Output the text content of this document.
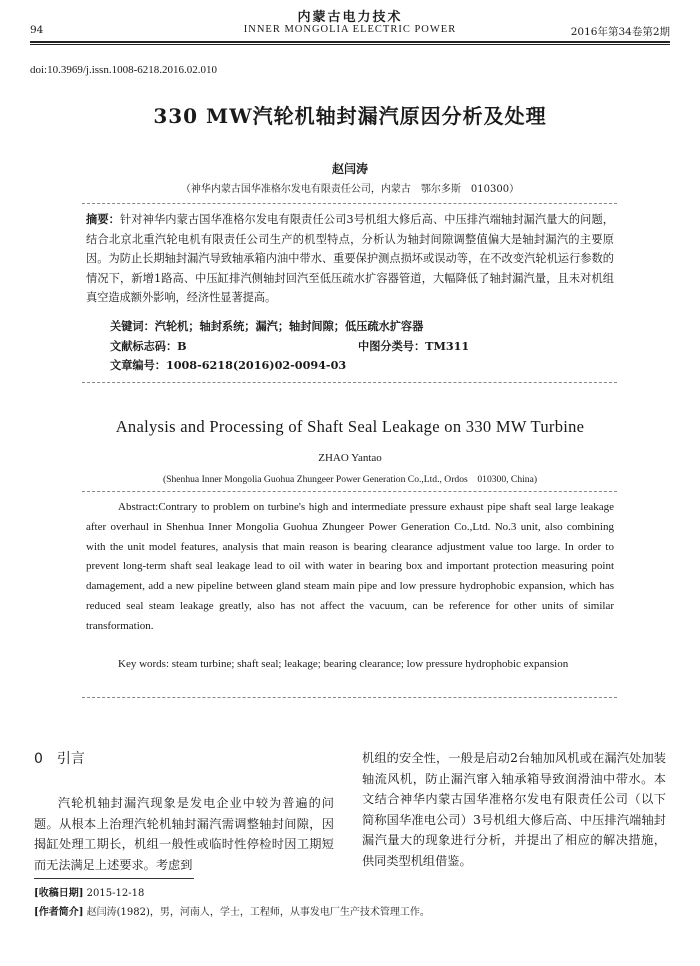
内蒙古电力技术
94	INNER MONGOLIA ELECTRIC POWER	2016年第34卷第2期
doi:10.3969/j.issn.1008-6218.2016.02.010
330 MW汽轮机轴封漏汽原因分析及处理
赵闫涛
（神华内蒙古国华准格尔发电有限责任公司，内蒙古　鄂尔多斯　010300）
摘要：针对神华内蒙古国华准格尔发电有限责任公司3号机组大修后高、中压排汽端轴封漏汽量大的问题，结合北京北重汽轮电机有限责任公司生产的机型特点，分析认为轴封间隙调整值偏大是轴封漏汽的主要原因。为防止长期轴封漏汽导致轴承箱内油中带水、重要保护测点损坏或误动等，在不改变汽轮机运行参数的情况下，新增1路高、中压缸排汽侧轴封回汽至低压疏水扩容器管道，大幅降低了轴封漏汽量，且未对机组真空造成额外影响，经济性显著提高。
关键词：汽轮机；轴封系统；漏汽；轴封间隙；低压疏水扩容器
文献标志码：B	中图分类号：TM311
文章编号：1008-6218(2016)02-0094-03
Analysis and Processing of Shaft Seal Leakage on 330 MW Turbine
ZHAO Yantao
(Shenhua Inner Mongolia Guohua Zhungeer Power Generation Co.,Ltd., Ordos　010300, China)
Abstract:Contrary to problem on turbine's high and intermediate pressure exhaust pipe shaft seal large leakage after overhaul in Shenhua Inner Mongolia Guohua Zhungeer Power Generation Co.,Ltd. No.3 unit, also combining with the unit model features, analysis that main reason is bearing clearance adjustment value too large. In order to prevent long-term shaft seal leakage lead to oil with water in bearing box and important protection measuring point damagement, add a new pipeline between gland steam main pipe and low pressure hydrophobic expansion, which has reduced seal steam leakage greatly, also has not affect the vacuum, can be reference for other units of similar transformation.
Key words: steam turbine; shaft seal; leakage; bearing clearance; low pressure hydrophobic expansion
0 引言
汽轮机轴封漏汽现象是发电企业中较为普遍的问题。从根本上治理汽轮机轴封漏汽需调整轴封间隙，因揭缸处理工期长，机组一般性或临时性停检时因工期短而无法满足上述要求。考虑到
机组的安全性，一般是启动2台轴加风机或在漏汽处加装轴流风机，防止漏汽窜入轴承箱导致润滑油中带水。本文结合神华内蒙古国华准格尔发电有限责任公司（以下简称国华准电公司）3号机组大修后高、中压排汽端轴封漏汽量大的现象进行分析，并提出了相应的解决措施，供同类型机组借鉴。
[收稿日期] 2015-12-18
[作者简介] 赵闫涛(1982)，男，河南人，学士，工程师，从事发电厂生产技术管理工作。
